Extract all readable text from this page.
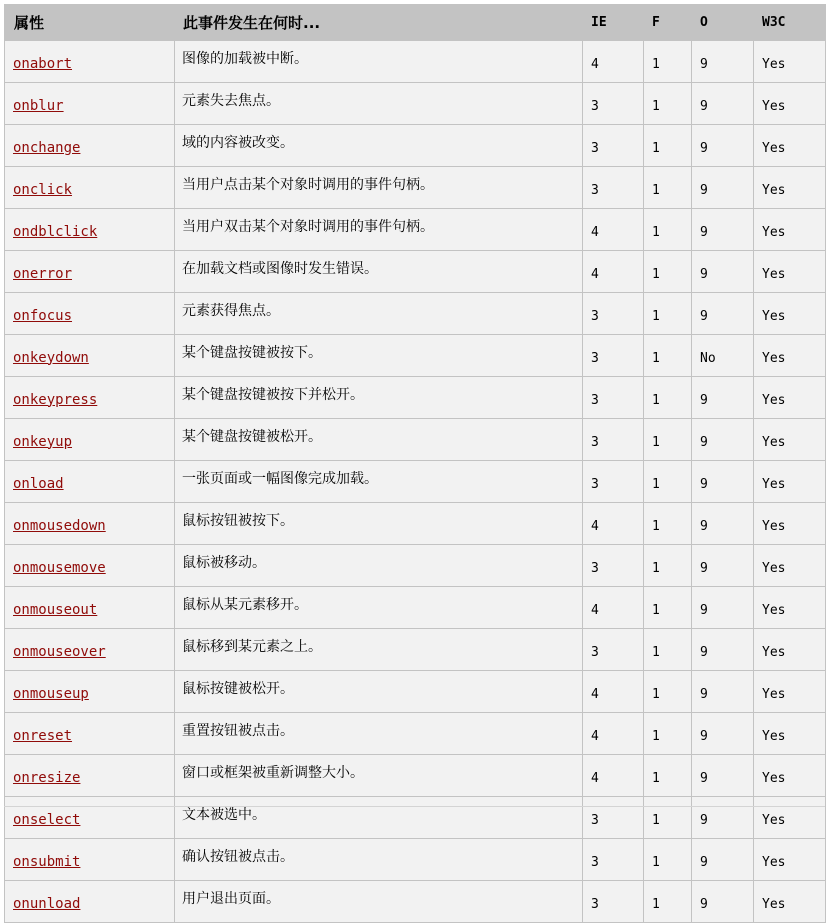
属性	此事件发生在何时...	IE	F	O	W3C
onabort	图像的加载被中断。	4	1	9	Yes
onblur	元素失去焦点。	3	1	9	Yes
onchange	域的内容被改变。	3	1	9	Yes
onclick	当用户点击某个对象时调用的事件句柄。	3	1	9	Yes
ondblclick	当用户双击某个对象时调用的事件句柄。	4	1	9	Yes
onerror	在加载文档或图像时发生错误。	4	1	9	Yes
onfocus	元素获得焦点。	3	1	9	Yes
onkeydown	某个键盘按键被按下。	3	1	No	Yes
onkeypress	某个键盘按键被按下并松开。	3	1	9	Yes
onkeyup	某个键盘按键被松开。	3	1	9	Yes
onload	一张页面或一幅图像完成加载。	3	1	9	Yes
onmousedown	鼠标按钮被按下。	4	1	9	Yes
onmousemove	鼠标被移动。	3	1	9	Yes
onmouseout	鼠标从某元素移开。	4	1	9	Yes
onmouseover	鼠标移到某元素之上。	3	1	9	Yes
onmouseup	鼠标按键被松开。	4	1	9	Yes
onreset	重置按钮被点击。	4	1	9	Yes
onresize	窗口或框架被重新调整大小。	4	1	9	Yes
onselect	文本被选中。	3	1	9	Yes
onsubmit	确认按钮被点击。	3	1	9	Yes
onunload	用户退出页面。	3	1	9	Yes
